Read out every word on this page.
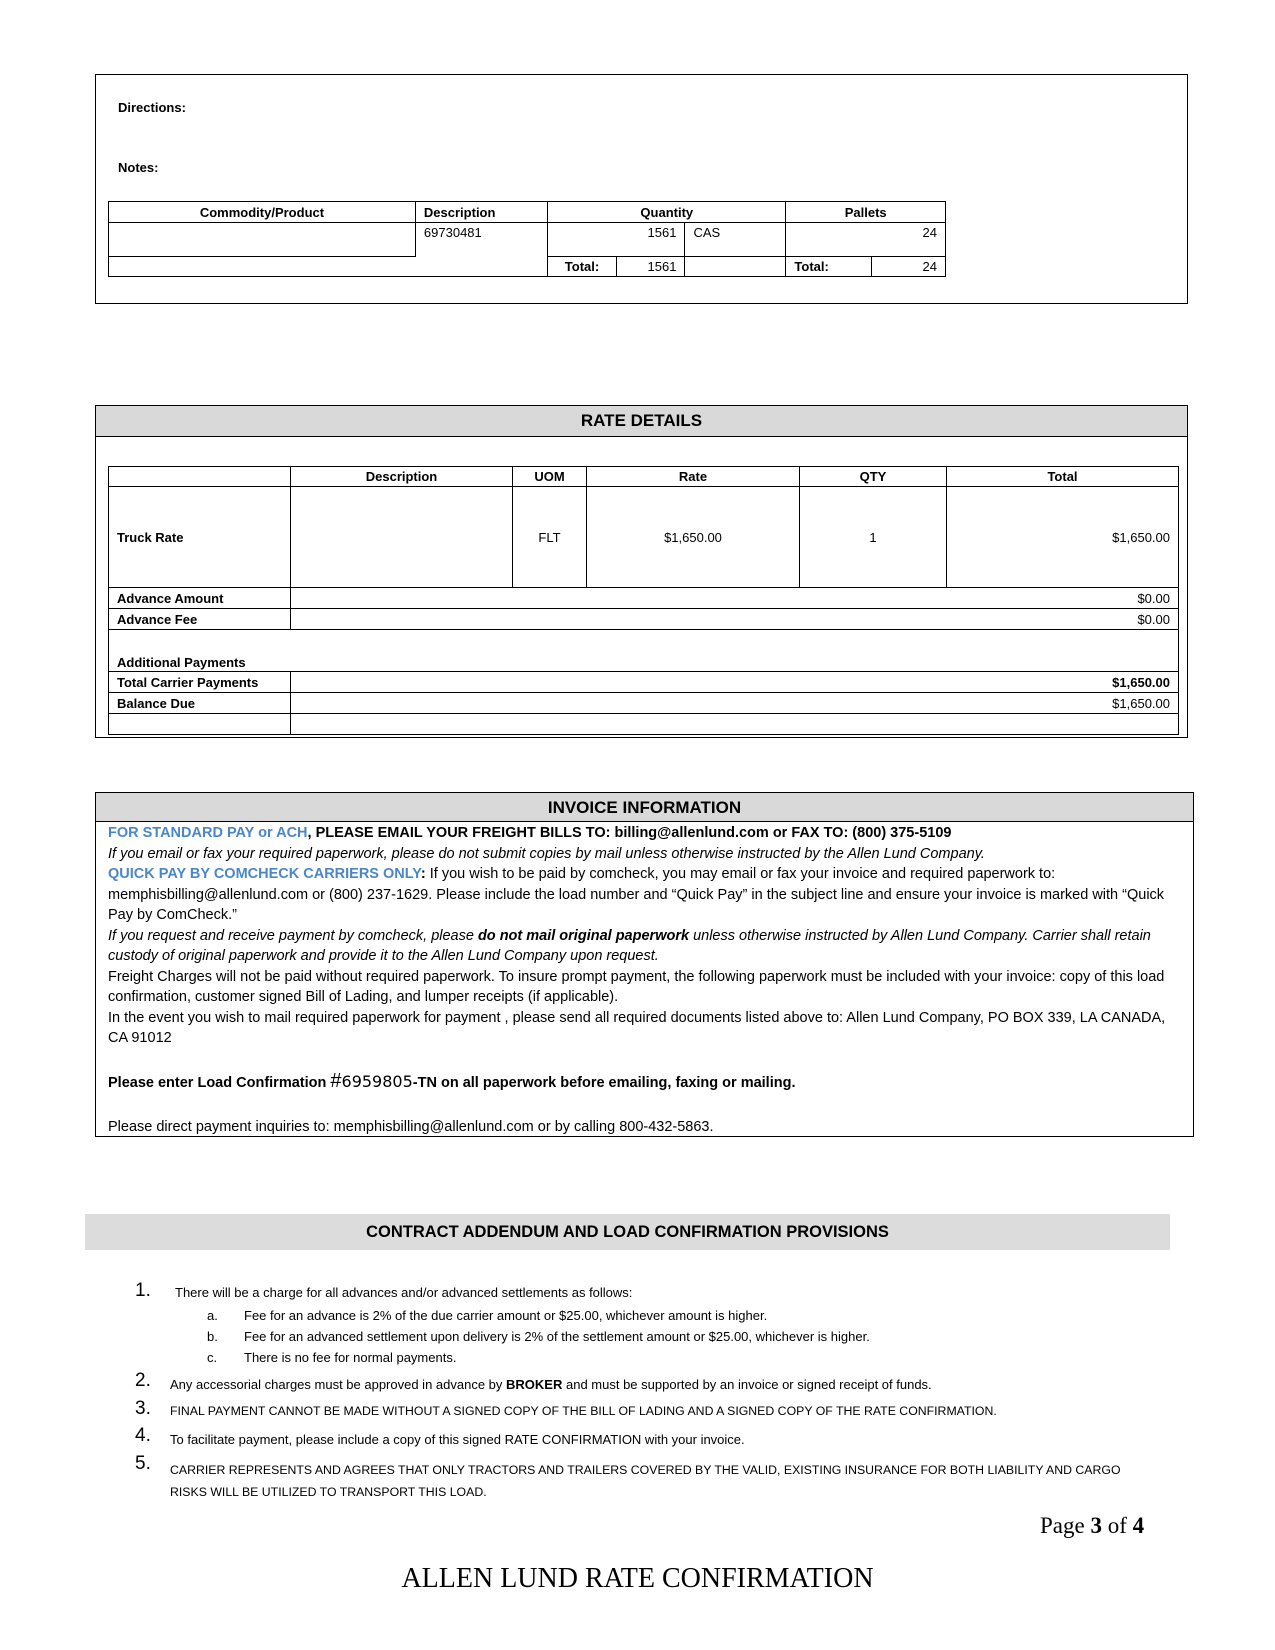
Directions:
Notes:
Commodity/Product	Description	Quantity			Pallets	
	69730481	1561		CAS	24	
		Total:	1561		Total:	24
RATE DETAILS
	Description	UOM	Rate	QTY	Total
Truck Rate		FLT	$1,650.00	1	$1,650.00
Advance Amount	$0.00				
Advance Fee	$0.00				
Additional Payments					
Total Carrier Payments	$1,650.00				
Balance Due	$1,650.00				

INVOICE INFORMATION
FOR STANDARD PAY or ACH, PLEASE EMAIL YOUR FREIGHT BILLS TO: billing@allenlund.com or FAX TO: (800) 375-5109
If you email or fax your required paperwork, please do not submit copies by mail unless otherwise instructed by the Allen Lund Company.
QUICK PAY BY COMCHECK CARRIERS ONLY: If you wish to be paid by comcheck, you may email or fax your invoice and required paperwork to: memphisbilling@allenlund.com or (800) 237-1629. Please include the load number and “Quick Pay” in the subject line and ensure your invoice is marked with “Quick Pay by ComCheck.”
If you request and receive payment by comcheck, please do not mail original paperwork unless otherwise instructed by Allen Lund Company. Carrier shall retain custody of original paperwork and provide it to the Allen Lund Company upon request.
Freight Charges will not be paid without required paperwork. To insure prompt payment, the following paperwork must be included with your invoice: copy of this load confirmation, customer signed Bill of Lading, and lumper receipts (if applicable).
In the event you wish to mail required paperwork for payment , please send all required documents listed above to: Allen Lund Company, PO BOX 339, LA CANADA, CA 91012
Please enter Load Confirmation #6959805-TN on all paperwork before emailing, faxing or mailing.
Please direct payment inquiries to: memphisbilling@allenlund.com or by calling 800-432-5863.
CONTRACT ADDENDUM AND LOAD CONFIRMATION PROVISIONS
1. There will be a charge for all advances and/or advanced settlements as follows:
a. Fee for an advance is 2% of the due carrier amount or $25.00, whichever amount is higher.
b. Fee for an advanced settlement upon delivery is 2% of the settlement amount or $25.00, whichever is higher.
c. There is no fee for normal payments.
2. Any accessorial charges must be approved in advance by BROKER and must be supported by an invoice or signed receipt of funds.
3. FINAL PAYMENT CANNOT BE MADE WITHOUT A SIGNED COPY OF THE BILL OF LADING AND A SIGNED COPY OF THE RATE CONFIRMATION.
4. To facilitate payment, please include a copy of this signed RATE CONFIRMATION with your invoice.
5. CARRIER REPRESENTS AND AGREES THAT ONLY TRACTORS AND TRAILERS COVERED BY THE VALID, EXISTING INSURANCE FOR BOTH LIABILITY AND CARGO RISKS WILL BE UTILIZED TO TRANSPORT THIS LOAD.
Page 3 of 4
ALLEN LUND RATE CONFIRMATION
